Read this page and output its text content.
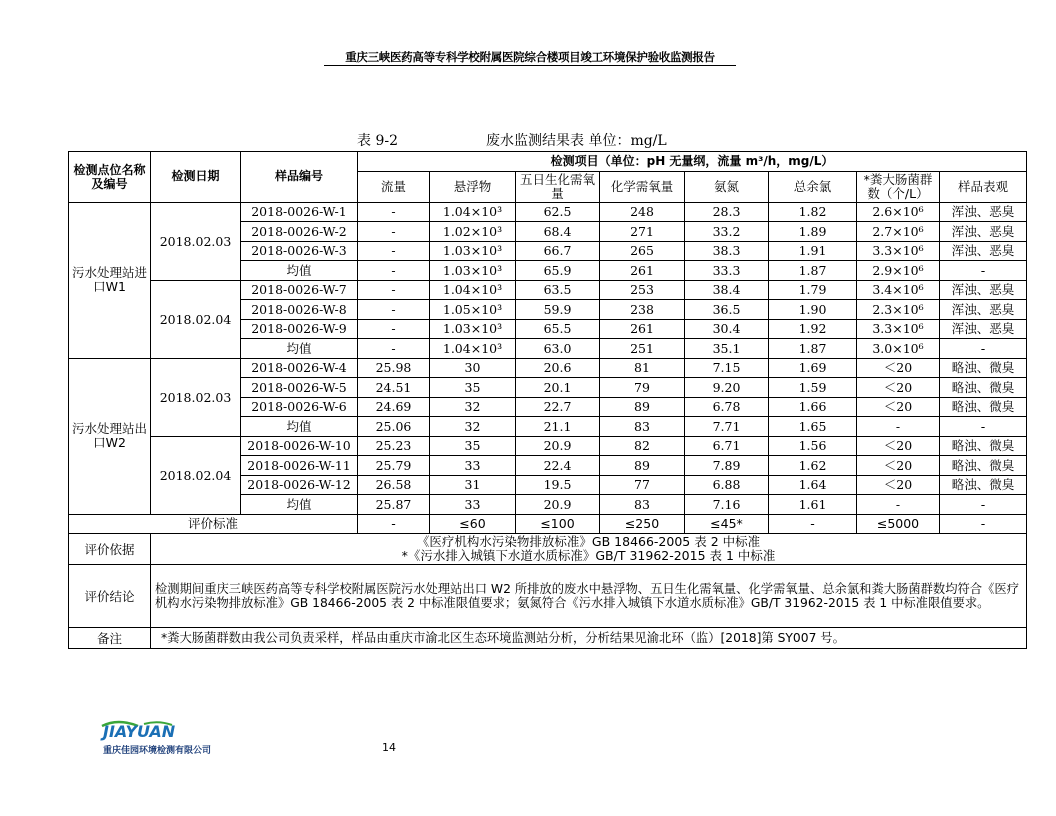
重庆三峡医药高等专科学校附属医院综合楼项目竣工环境保护验收监测报告
表 9-2	废水监测结果表 单位：mg/L
检测点位名称及编号	检测日期	样品编号	检测项目（单位：pH 无量纲，流量 m³/h，mg/L）							
			流量	悬浮物	五日生化需氧量	化学需氧量	氨氮	总余氯	*粪大肠菌群数（个/L）	样品表观
污水处理站进口W1	2018.02.03	2018-0026-W-1	-	1.04×10³	62.5	248	28.3	1.82	2.6×10⁶	浑浊、恶臭
		2018-0026-W-2	-	1.02×10³	68.4	271	33.2	1.89	2.7×10⁶	浑浊、恶臭
		2018-0026-W-3	-	1.03×10³	66.7	265	38.3	1.91	3.3×10⁶	浑浊、恶臭
		均值	-	1.03×10³	65.9	261	33.3	1.87	2.9×10⁶	-
	2018.02.04	2018-0026-W-7	-	1.04×10³	63.5	253	38.4	1.79	3.4×10⁶	浑浊、恶臭
		2018-0026-W-8	-	1.05×10³	59.9	238	36.5	1.90	2.3×10⁶	浑浊、恶臭
		2018-0026-W-9	-	1.03×10³	65.5	261	30.4	1.92	3.3×10⁶	浑浊、恶臭
		均值	-	1.04×10³	63.0	251	35.1	1.87	3.0×10⁶	-
污水处理站出口W2	2018.02.03	2018-0026-W-4	25.98	30	20.6	81	7.15	1.69	＜20	略浊、微臭
		2018-0026-W-5	24.51	35	20.1	79	9.20	1.59	＜20	略浊、微臭
		2018-0026-W-6	24.69	32	22.7	89	6.78	1.66	＜20	略浊、微臭
		均值	25.06	32	21.1	83	7.71	1.65	-	-
	2018.02.04	2018-0026-W-10	25.23	35	20.9	82	6.71	1.56	＜20	略浊、微臭
		2018-0026-W-11	25.79	33	22.4	89	7.89	1.62	＜20	略浊、微臭
		2018-0026-W-12	26.58	31	19.5	77	6.88	1.64	＜20	略浊、微臭
		均值	25.87	33	20.9	83	7.16	1.61	-	-
评价标准			-	≤60	≤100	≤250	≤45*	-	≤5000	-
评价依据	《医疗机构水污染物排放标准》GB 18466-2005 表 2 中标准
*《污水排入城镇下水道水质标准》GB/T 31962-2015 表 1 中标准									

评价结论	检测期间重庆三峡医药高等专科学校附属医院污水处理站出口 W2 所排放的废水中悬浮物、五日生化需氧量、化学需氧量、总余氯和粪大肠菌群数均符合《医疗机构水污染物排放标准》GB 18466-2005 表 2 中标准限值要求；氨氮符合《污水排入城镇下水道水质标准》GB/T 31962-2015 表 1 中标准限值要求。									
备注	*粪大肠菌群数由我公司负责采样，样品由重庆市渝北区生态环境监测站分析，分析结果见渝北环（监）[2018]第 SY007 号。									
JIAYUAN
重庆佳园环境检测有限公司	14
